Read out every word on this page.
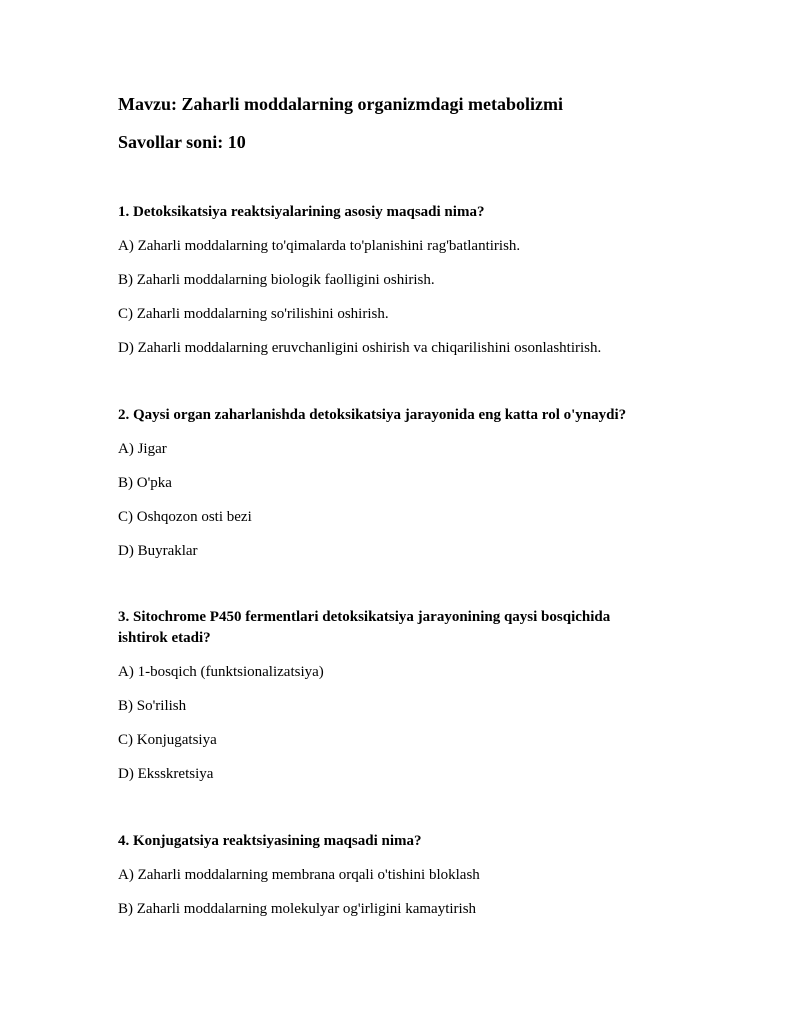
Mavzu: Zaharli moddalarning organizmdagi metabolizmi
Savollar soni: 10
1. Detoksikatsiya reaktsiyalarining asosiy maqsadi nima?
A) Zaharli moddalarning to'qimalarda to'planishini rag'batlantirish.
B) Zaharli moddalarning biologik faolligini oshirish.
C) Zaharli moddalarning so'rilishini oshirish.
D) Zaharli moddalarning eruvchanligini oshirish va chiqarilishini osonlashtirish.
2. Qaysi organ zaharlanishda detoksikatsiya jarayonida eng katta rol o'ynaydi?
A) Jigar
B) O'pka
C) Oshqozon osti bezi
D) Buyraklar
3. Sitochrome P450 fermentlari detoksikatsiya jarayonining qaysi bosqichida ishtirok etadi?
A) 1-bosqich (funktsionalizatsiya)
B) So'rilish
C) Konjugatsiya
D) Eksskretsiya
4. Konjugatsiya reaktsiyasining maqsadi nima?
A) Zaharli moddalarning membrana orqali o'tishini bloklash
B) Zaharli moddalarning molekulyar og'irligini kamaytirish
